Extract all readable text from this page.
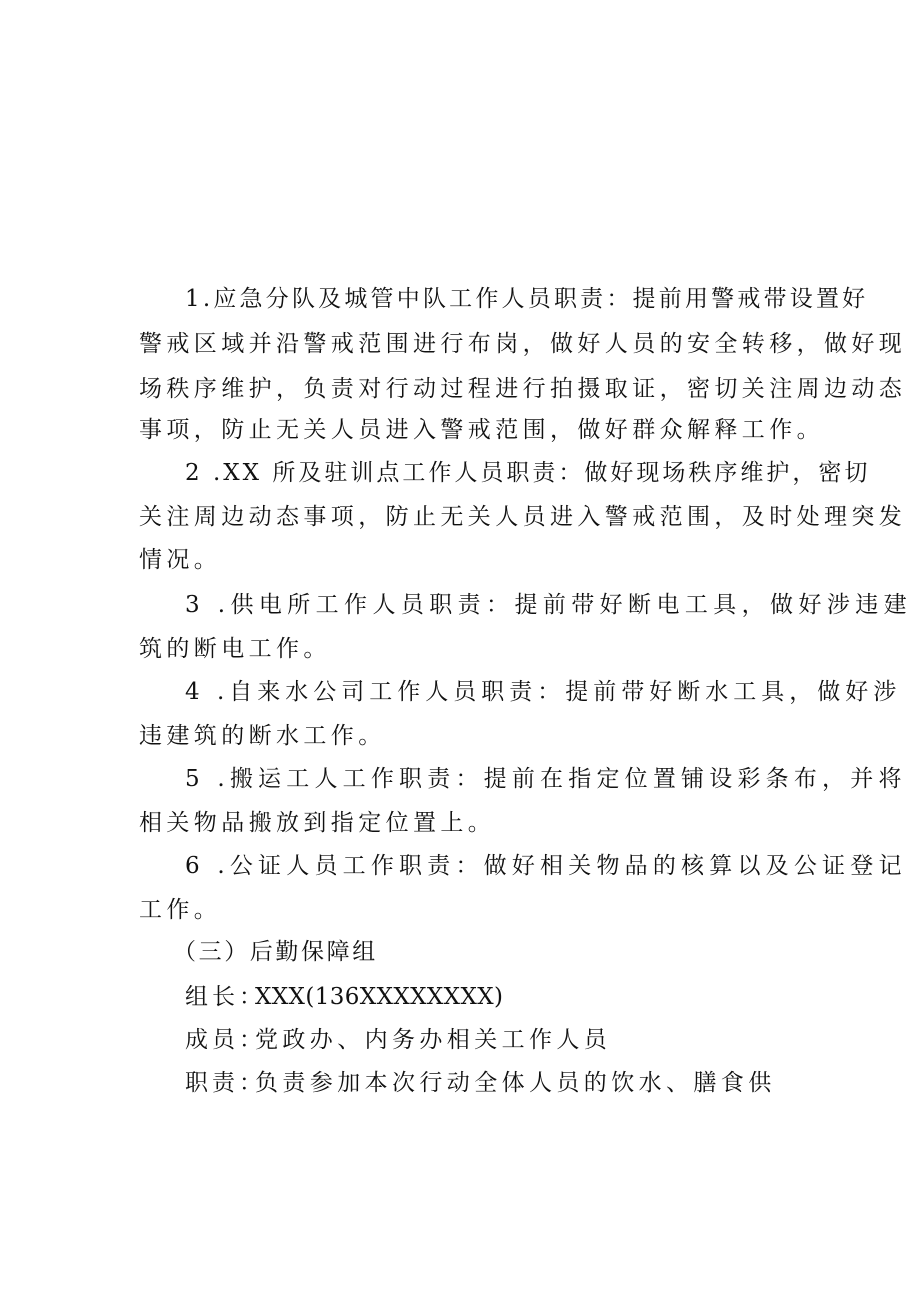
1.应急分队及城管中队工作人员职责：提前用警戒带设置好
警戒区域并沿警戒范围进行布岗，做好人员的安全转移，做好现
场秩序维护，负责对行动过程进行拍摄取证，密切关注周边动态
事项，防止无关人员进入警戒范围，做好群众解释工作。
2 .XX 所及驻训点工作人员职责：做好现场秩序维护，密切
关注周边动态事项，防止无关人员进入警戒范围，及时处理突发
情况。
3 .供电所工作人员职责：提前带好断电工具，做好涉违建
筑的断电工作。
4 .自来水公司工作人员职责：提前带好断水工具，做好涉
违建筑的断水工作。
5 .搬运工人工作职责：提前在指定位置铺设彩条布，并将
相关物品搬放到指定位置上。
6 .公证人员工作职责：做好相关物品的核算以及公证登记
工作。
（三）后勤保障组
组长：
XXX(136XXXXXXXX)
成员：
党政办、内务办相关工作人员
职责：
负责参加本次行动全体人员的饮水、膳食供
